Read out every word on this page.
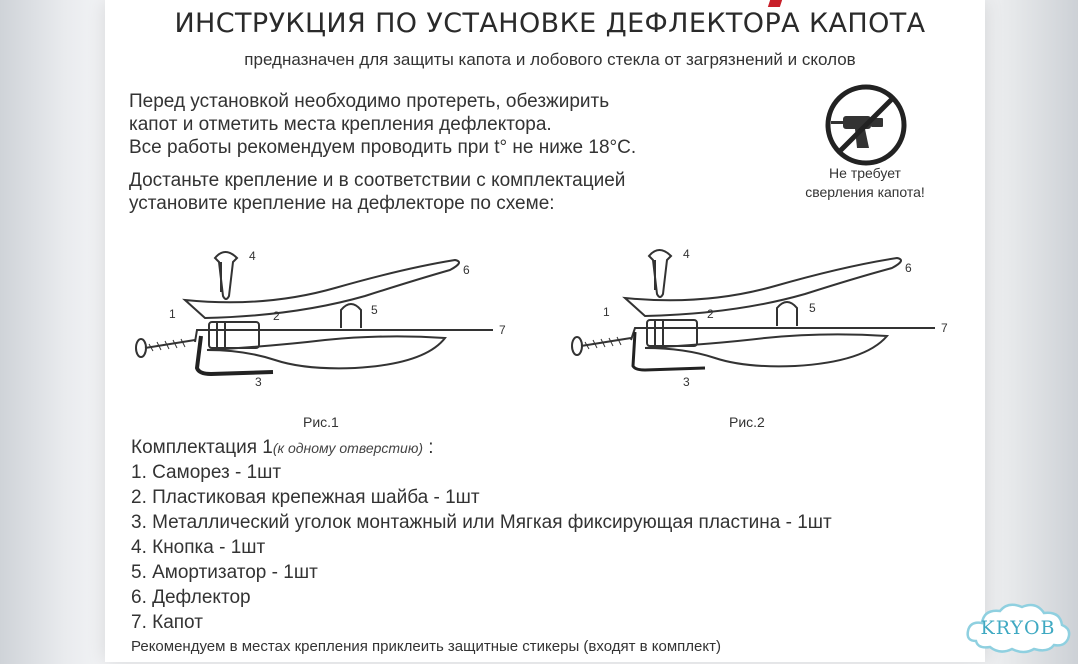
ИНСТРУКЦИЯ ПО УСТАНОВКЕ ДЕФЛЕКТОРА КАПОТА
предназначен для защиты капота и лобового стекла от загрязнений и сколов
Перед установкой необходимо протереть, обезжирить
капот и отметить места крепления дефлектора.
Все работы рекомендуем проводить при t° не ниже 18°С.
Достаньте крепление и в соответствии с комплектацией
установите крепление на дефлекторе по схеме:
Не требует
сверления капота!
1	2
3
4
5
6
7
Рис.1
1	2
3
4
5
6
7
Рис.2
Комплектация 1(к одному отверстию) :
1. Саморез - 1шт
2. Пластиковая крепежная шайба - 1шт
3. Металлический уголок монтажный или Мягкая фиксирующая пластина - 1шт
4. Кнопка - 1шт
5. Амортизатор - 1шт
6. Дефлектор
7. Капот
Рекомендуем в местах крепления приклеить защитные стикеры (входят в комплект)
KRYOB
